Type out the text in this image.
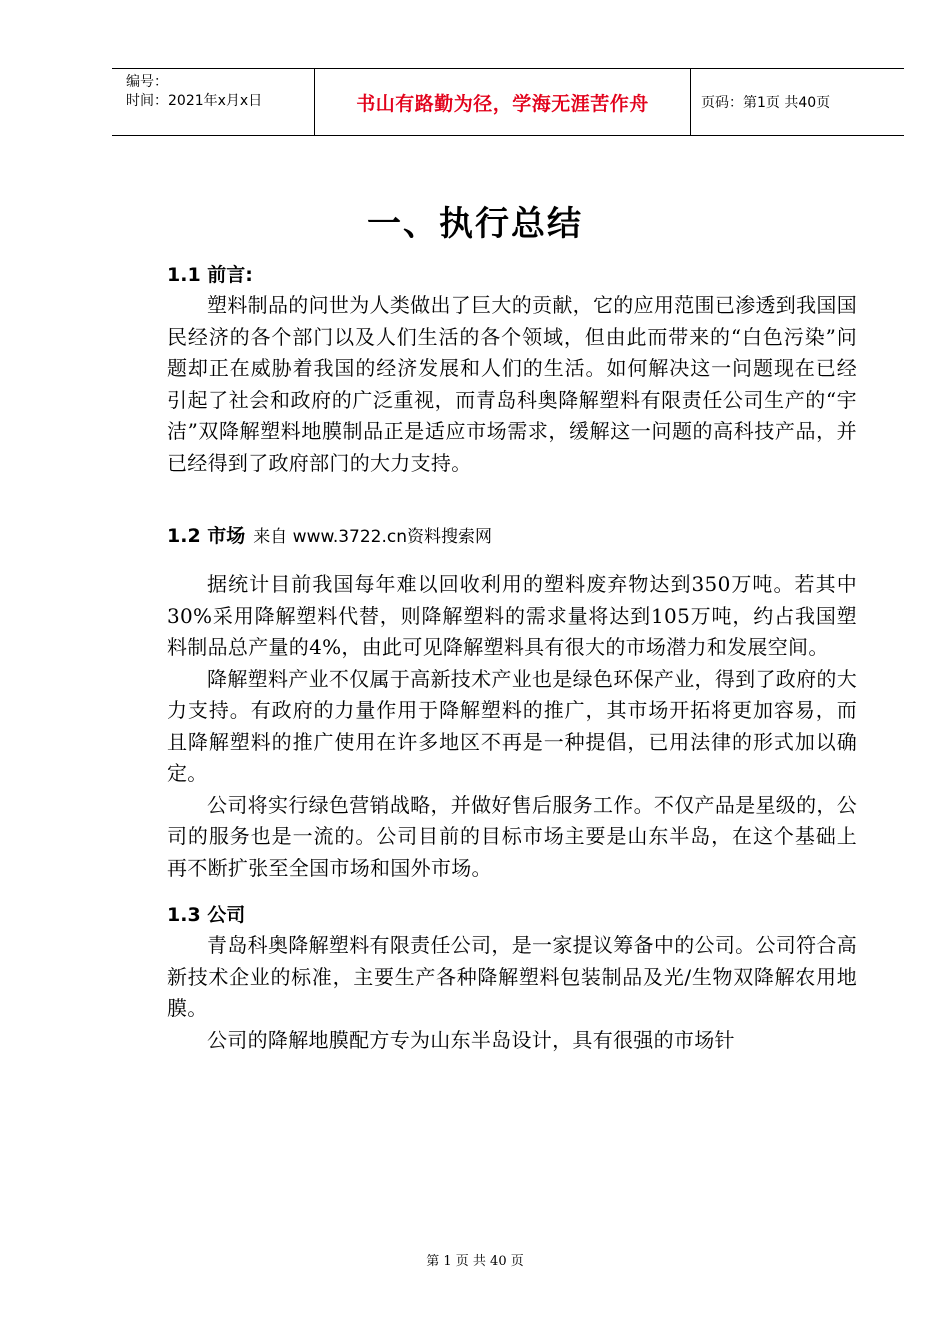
编号：
时间：2021年x月x日	书山有路勤为径，学海无涯苦作舟	页码：第1页 共40页
一、执行总结
1.1 前言:
塑料制品的问世为人类做出了巨大的贡献，它的应用范围已渗透到我国国民经济的各个部门以及人们生活的各个领域，但由此而带来的“白色污染”问题却正在威胁着我国的经济发展和人们的生活。如何解决这一问题现在已经引起了社会和政府的广泛重视，而青岛科奥降解塑料有限责任公司生产的“宇洁”双降解塑料地膜制品正是适应市场需求，缓解这一问题的高科技产品，并已经得到了政府部门的大力支持。
1.2 市场 来自 www.3722.cn资料搜索网
据统计目前我国每年难以回收利用的塑料废弃物达到350万吨。若其中30%采用降解塑料代替，则降解塑料的需求量将达到105万吨，约占我国塑料制品总产量的4%，由此可见降解塑料具有很大的市场潜力和发展空间。
降解塑料产业不仅属于高新技术产业也是绿色环保产业，得到了政府的大力支持。有政府的力量作用于降解塑料的推广，其市场开拓将更加容易，而且降解塑料的推广使用在许多地区不再是一种提倡，已用法律的形式加以确定。
公司将实行绿色营销战略，并做好售后服务工作。不仅产品是星级的，公司的服务也是一流的。公司目前的目标市场主要是山东半岛，在这个基础上再不断扩张至全国市场和国外市场。
1.3 公司
青岛科奥降解塑料有限责任公司，是一家提议筹备中的公司。公司符合高新技术企业的标准，主要生产各种降解塑料包装制品及光/生物双降解农用地膜。
公司的降解地膜配方专为山东半岛设计，具有很强的市场针
第 1 页 共 40 页
